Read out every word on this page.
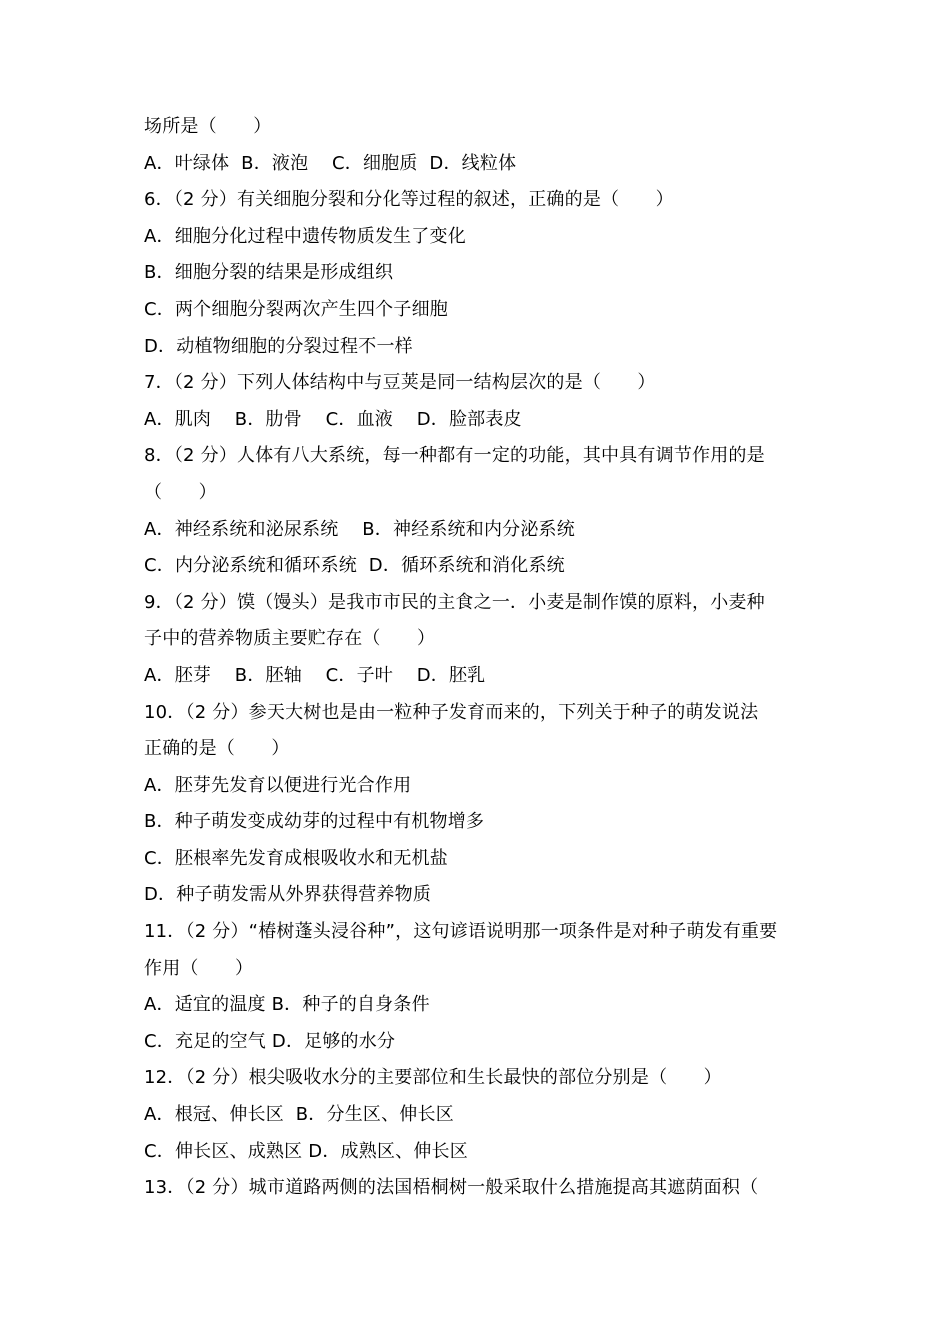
场所是（　　）
A．叶绿体  B．液泡    C．细胞质  D．线粒体
6．（2 分）有关细胞分裂和分化等过程的叙述，正确的是（　　）
A．细胞分化过程中遗传物质发生了变化
B．细胞分裂的结果是形成组织
C．两个细胞分裂两次产生四个子细胞
D．动植物细胞的分裂过程不一样
7．（2 分）下列人体结构中与豆荚是同一结构层次的是（　　）
A．肌肉    B．肋骨    C．血液    D．脸部表皮
8．（2 分）人体有八大系统，每一种都有一定的功能，其中具有调节作用的是
（　　）
A．神经系统和泌尿系统    B．神经系统和内分泌系统
C．内分泌系统和循环系统  D．循环系统和消化系统
9．（2 分）馍（馒头）是我市市民的主食之一．小麦是制作馍的原料，小麦种
子中的营养物质主要贮存在（　　）
A．胚芽    B．胚轴    C．子叶    D．胚乳
10．（2 分）参天大树也是由一粒种子发育而来的，下列关于种子的萌发说法
正确的是（　　）
A．胚芽先发育以便进行光合作用
B．种子萌发变成幼芽的过程中有机物增多
C．胚根率先发育成根吸收水和无机盐
D．种子萌发需从外界获得营养物质
11．（2 分）“椿树蓬头浸谷种”，这句谚语说明那一项条件是对种子萌发有重要
作用（　　）
A．适宜的温度 B．种子的自身条件
C．充足的空气 D．足够的水分
12．（2 分）根尖吸收水分的主要部位和生长最快的部位分别是（　　）
A．根冠、伸长区  B．分生区、伸长区
C．伸长区、成熟区 D．成熟区、伸长区
13．（2 分）城市道路两侧的法国梧桐树一般采取什么措施提高其遮荫面积（
